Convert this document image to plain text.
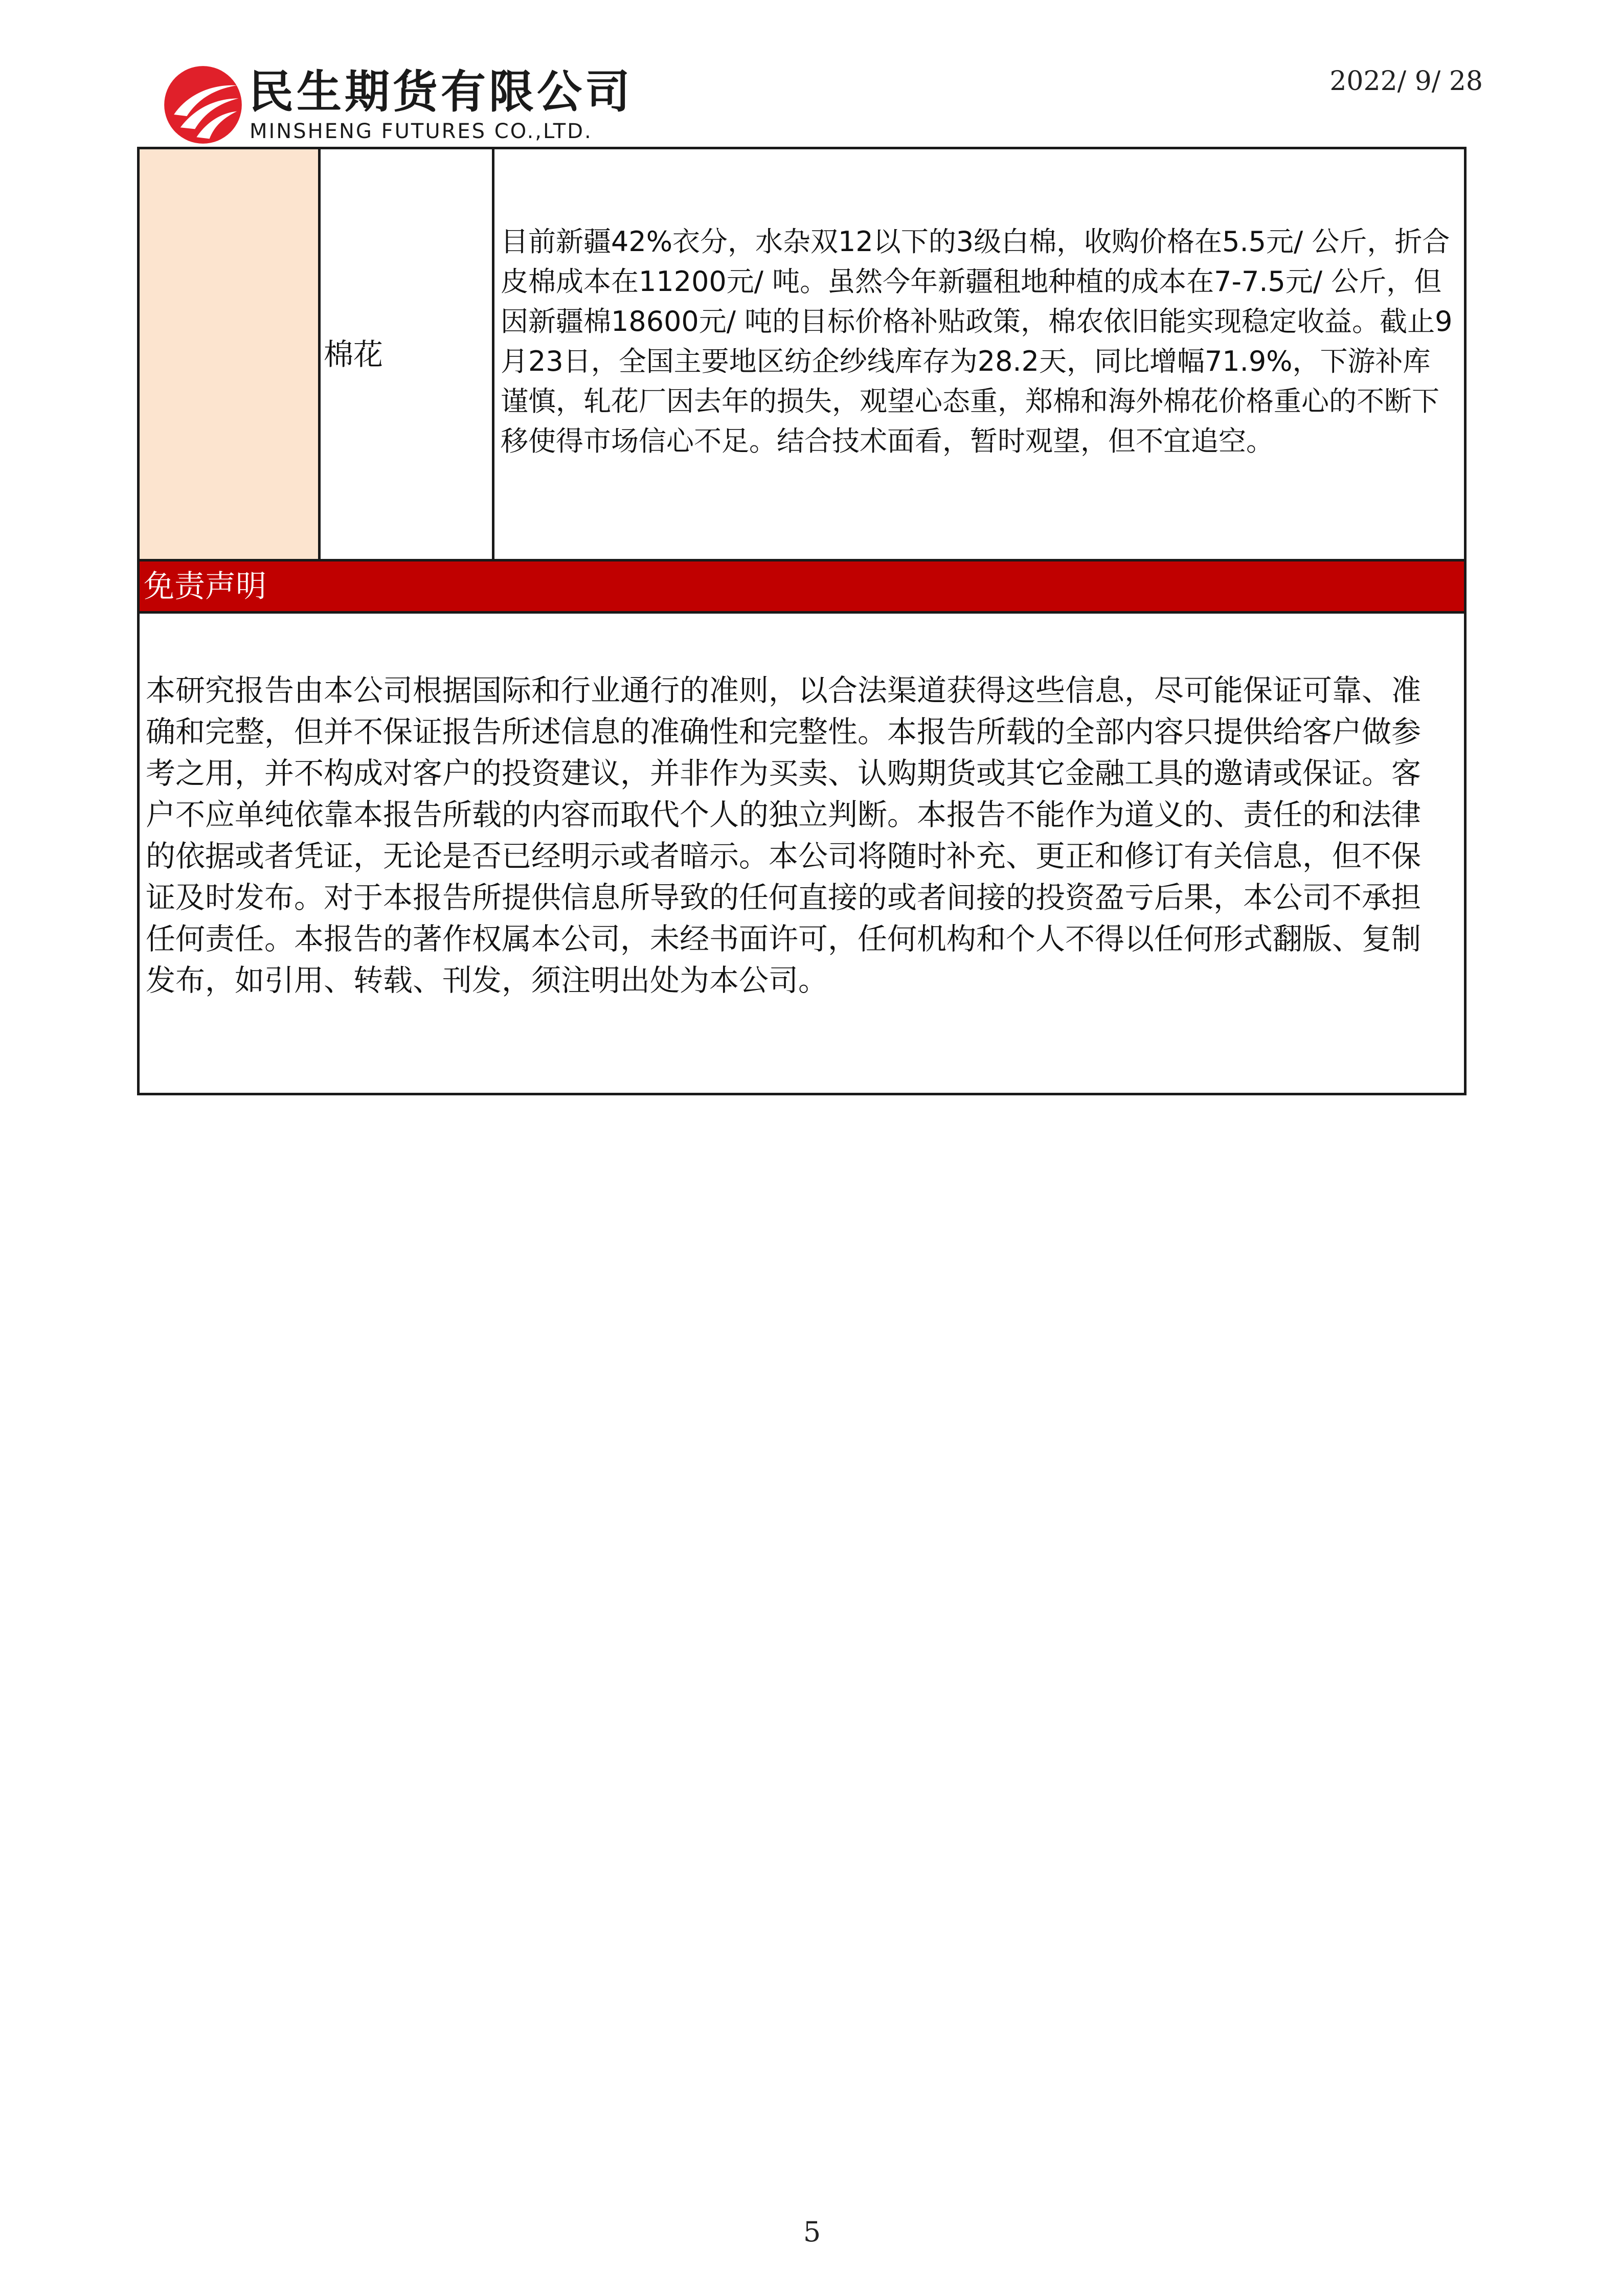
民生期货有限公司
MINSHENG FUTURES CO.,LTD.
2022/ 9/ 28
棉花
目前新疆42%衣分，水杂双12以下的3级白棉，收购价格在5.5元/ 公斤，折合皮棉成本在11200元/ 吨。虽然今年新疆租地种植的成本在7-7.5元/ 公斤，但因新疆棉18600元/ 吨的目标价格补贴政策，棉农依旧能实现稳定收益。截止9月23日，全国主要地区纺企纱线库存为28.2天，同比增幅71.9%，下游补库谨慎，轧花厂因去年的损失，观望心态重，郑棉和海外棉花价格重心的不断下移使得市场信心不足。结合技术面看，暂时观望，但不宜追空。
免责声明
本研究报告由本公司根据国际和行业通行的准则，以合法渠道获得这些信息，尽可能保证可靠、准确和完整，但并不保证报告所述信息的准确性和完整性。本报告所载的全部内容只提供给客户做参考之用，并不构成对客户的投资建议，并非作为买卖、认购期货或其它金融工具的邀请或保证。客户不应单纯依靠本报告所载的内容而取代个人的独立判断。本报告不能作为道义的、责任的和法律的依据或者凭证，无论是否已经明示或者暗示。本公司将随时补充、更正和修订有关信息，但不保证及时发布。对于本报告所提供信息所导致的任何直接的或者间接的投资盈亏后果，本公司不承担任何责任。本报告的著作权属本公司，未经书面许可，任何机构和个人不得以任何形式翻版、复制发布，如引用、转载、刊发，须注明出处为本公司。
5
